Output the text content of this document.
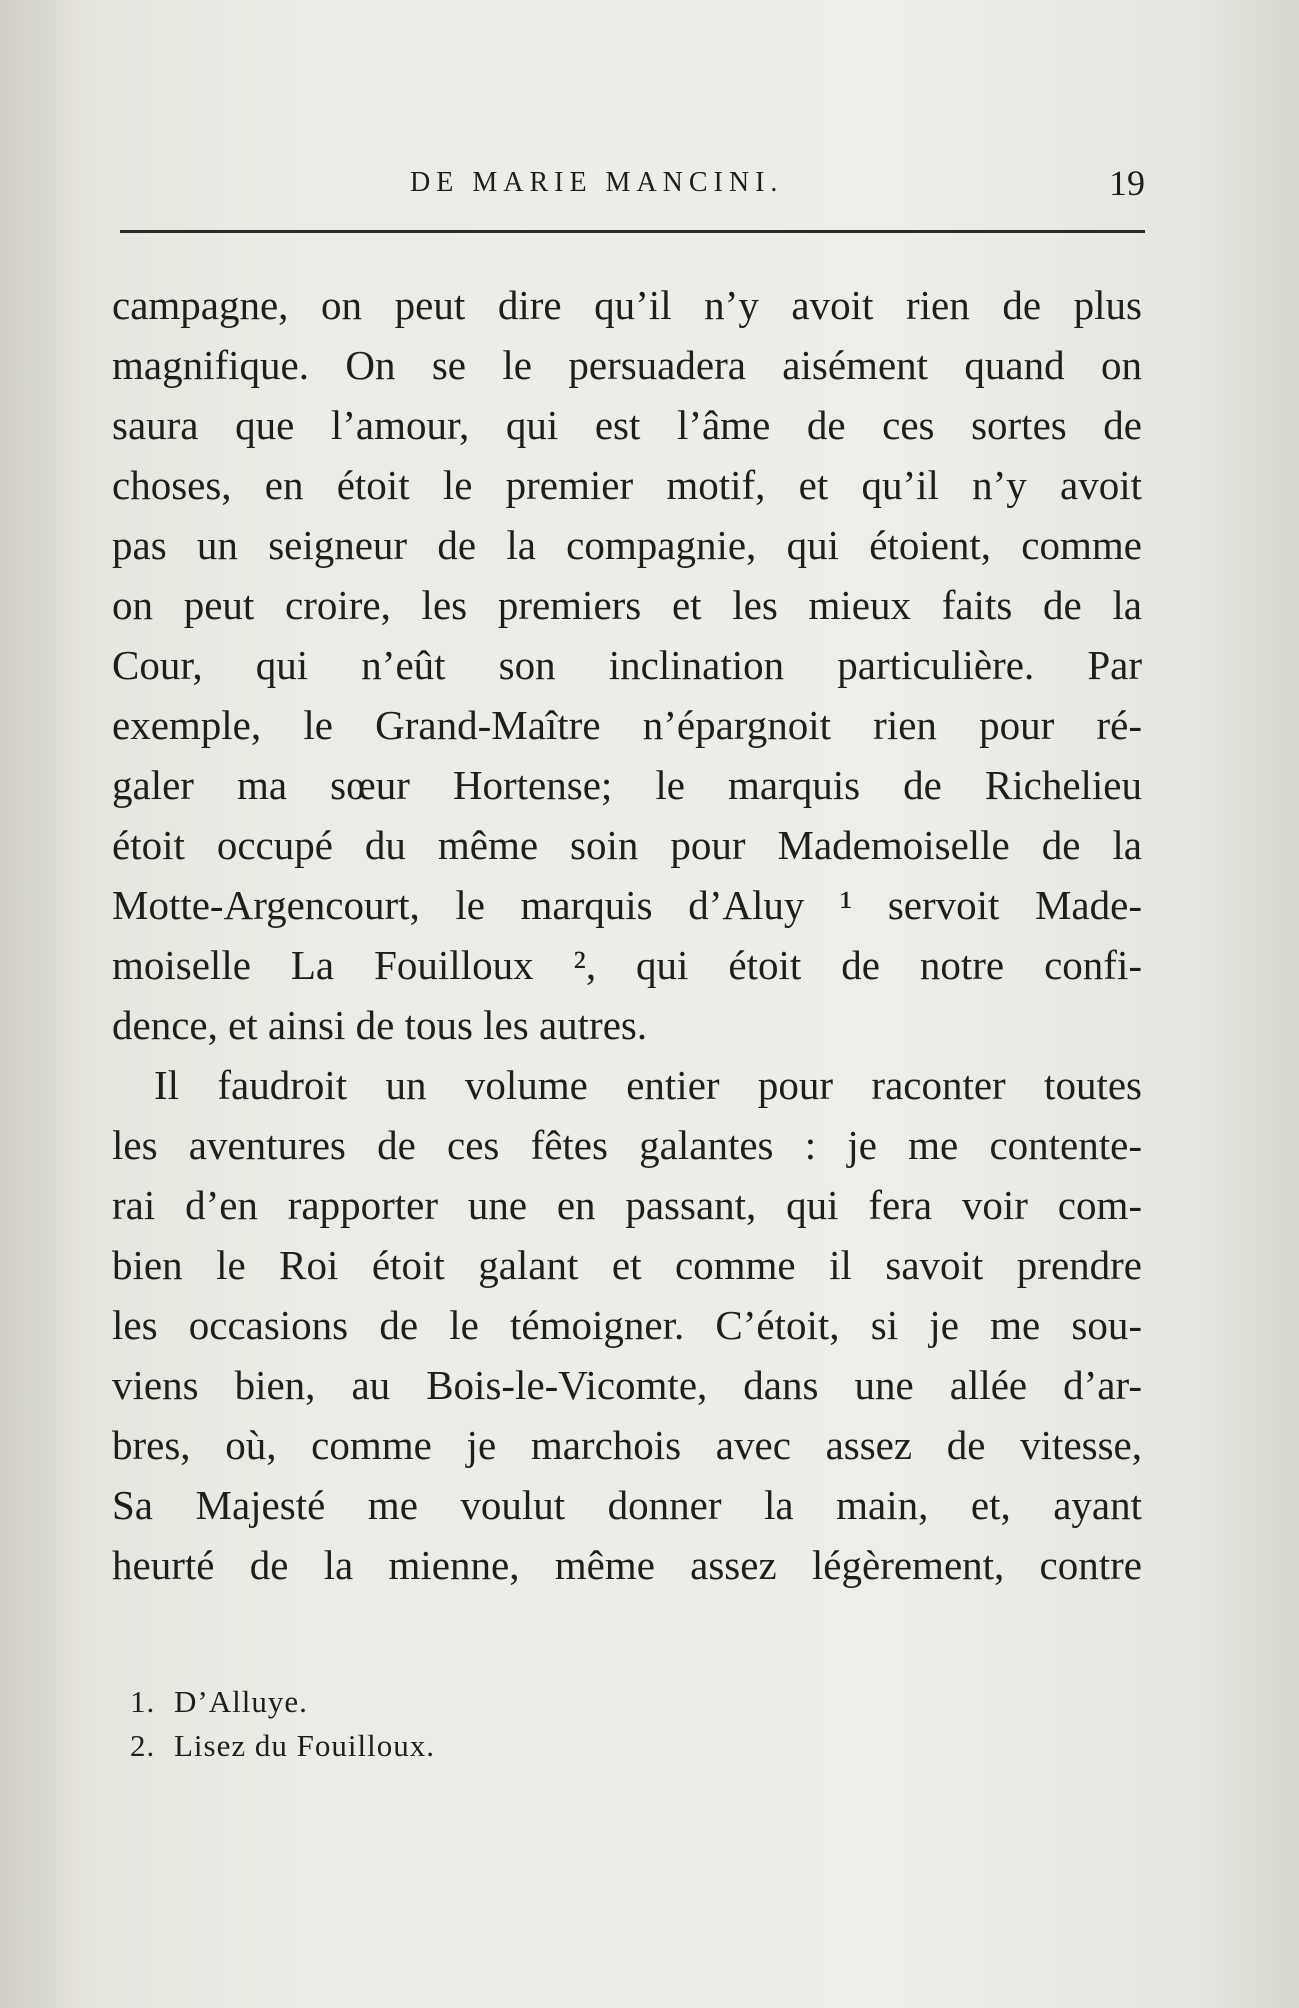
DE MARIE MANCINI.	19
campagne, on peut dire qu’il n’y avoit rien de plus
magnifique. On se le persuadera aisément quand on
saura que l’amour, qui est l’âme de ces sortes de
choses, en étoit le premier motif, et qu’il n’y avoit
pas un seigneur de la compagnie, qui étoient, comme
on peut croire, les premiers et les mieux faits de la
Cour, qui n’eût son inclination particulière. Par
exemple, le Grand-Maître n’épargnoit rien pour ré-
galer ma sœur Hortense; le marquis de Richelieu
étoit occupé du même soin pour Mademoiselle de la
Motte-Argencourt, le marquis d’Aluy ¹ servoit Made-
moiselle La Fouilloux ², qui étoit de notre confi-
dence, et ainsi de tous les autres.
Il faudroit un volume entier pour raconter toutes
les aventures de ces fêtes galantes : je me contente-
rai d’en rapporter une en passant, qui fera voir com-
bien le Roi étoit galant et comme il savoit prendre
les occasions de le témoigner. C’étoit, si je me sou-
viens bien, au Bois-le-Vicomte, dans une allée d’ar-
bres, où, comme je marchois avec assez de vitesse,
Sa Majesté me voulut donner la main, et, ayant
heurté de la mienne, même assez légèrement, contre
1. D’Alluye.
2. Lisez du Fouilloux.
